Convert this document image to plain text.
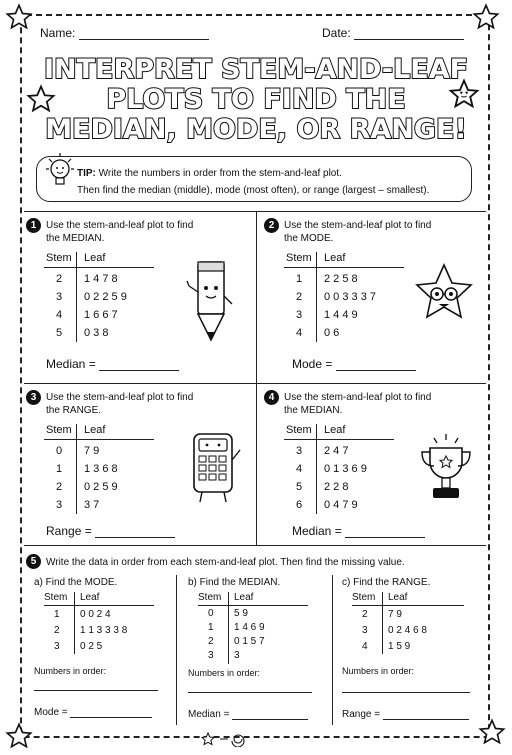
Name:	Date:
INTERPRET STEM-AND-LEAF
PLOTS TO FIND THE
MEDIAN, MODE, OR RANGE!
TIP: Write the numbers in order from the stem-and-leaf plot.
Then find the median (middle), mode (most often), or range (largest – smallest).
1 Use the stem-and-leaf plot to find
the MEDIAN.
Stem Leaf
2 1 4 7 8
3 0 2 2 5 9
4 1 6 6 7
5 0 3 8
Median =
2 Use the stem-and-leaf plot to find
the MODE.
Stem Leaf
1 2 2 5 8
2 0 0 3 3 3 7
3 1 4 4 9
4 0 6
Mode =
3 Use the stem-and-leaf plot to find
the RANGE.
Stem Leaf
0 7 9
1 1 3 6 8
2 0 2 5 9
3 3 7
Range =
4 Use the stem-and-leaf plot to find
the MEDIAN.
Stem Leaf
3 2 4 7
4 0 1 3 6 9
5 2 2 8
6 0 4 7 9
Median =
5 Write the data in order from each stem-and-leaf plot. Then find the missing value.
a) Find the MODE.
Stem Leaf
1 0 0 2 4
2 1 1 3 3 3 8
3 0 2 5
Numbers in order:
Mode =
b) Find the MEDIAN.
Stem Leaf
0 5 9
1 1 4 6 9
2 0 1 5 7
3 3
Numbers in order:
Median =
c) Find the RANGE.
Stem Leaf
2 7 9
3 0 2 4 6 8
4 1 5 9
Numbers in order:
Range =
